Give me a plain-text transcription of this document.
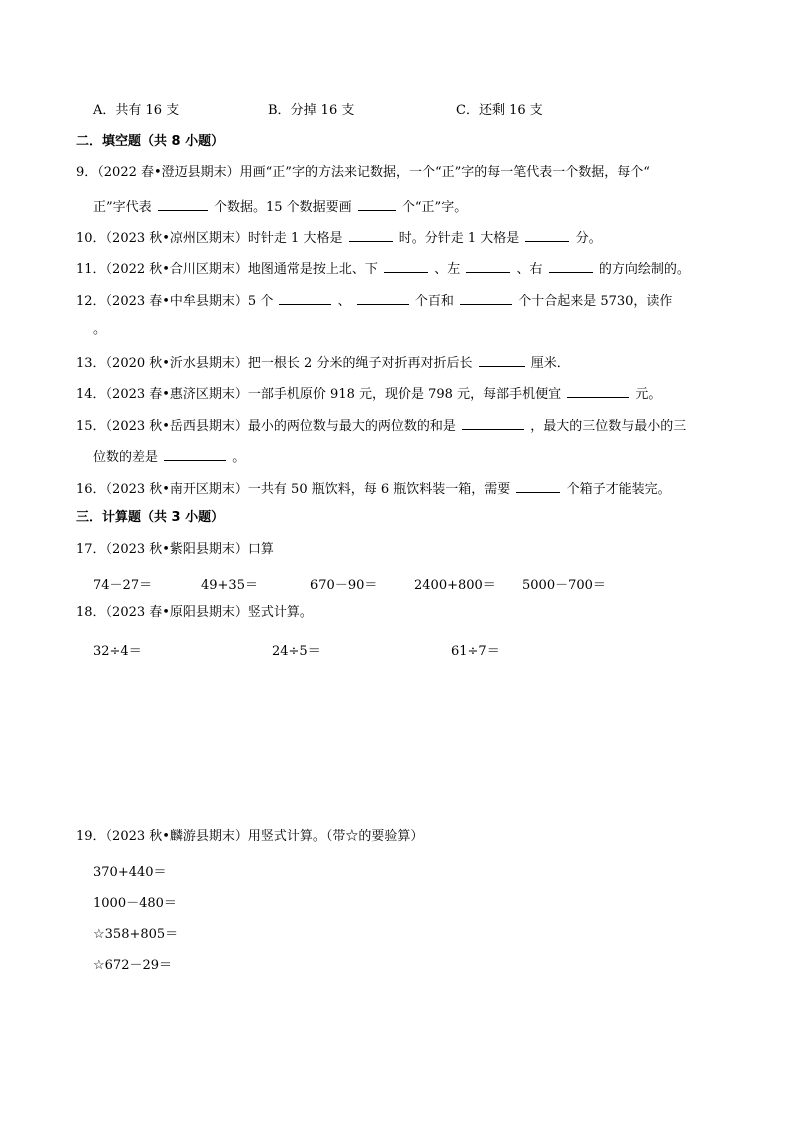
A．共有 16 支	B．分掉 16 支	C．还剩 16 支
二．填空题（共 8 小题）
9．（2022 春•澄迈县期末）用画“正”字的方法来记数据，一个“正”字的每一笔代表一个数据，每个“
正”字代表	个数据。15 个数据要画	个“正”字。
10．（2023 秋•凉州区期末）时针走 1 大格是	时。分针走 1 大格是	分。
11．（2022 秋•合川区期末）地图通常是按上北、下	、左	、右	的方向绘制的。
12．（2023 春•中牟县期末）5 个	、	个百和	个十合起来是 5730，读作
。
13．（2020 秋•沂水县期末）把一根长 2 分米的绳子对折再对折后长	厘米．
14．（2023 春•惠济区期末）一部手机原价 918 元，现价是 798 元，每部手机便宜	元。
15．（2023 秋•岳西县期末）最小的两位数与最大的两位数的和是	，最大的三位数与最小的三
位数的差是	。
16．（2023 秋•南开区期末）一共有 50 瓶饮料，每 6 瓶饮料装一箱，需要	个箱子才能装完。
三．计算题（共 3 小题）
17．（2023 秋•紫阳县期末）口算
74－27＝	49+35＝	670－90＝	2400+800＝ 5000－700＝
18．（2023 春•原阳县期末）竖式计算。
32÷4＝	24÷5＝	61÷7＝
19．（2023 秋•麟游县期末）用竖式计算。（带☆的要验算）
370+440＝
1000－480＝
☆358+805＝
☆672－29＝
